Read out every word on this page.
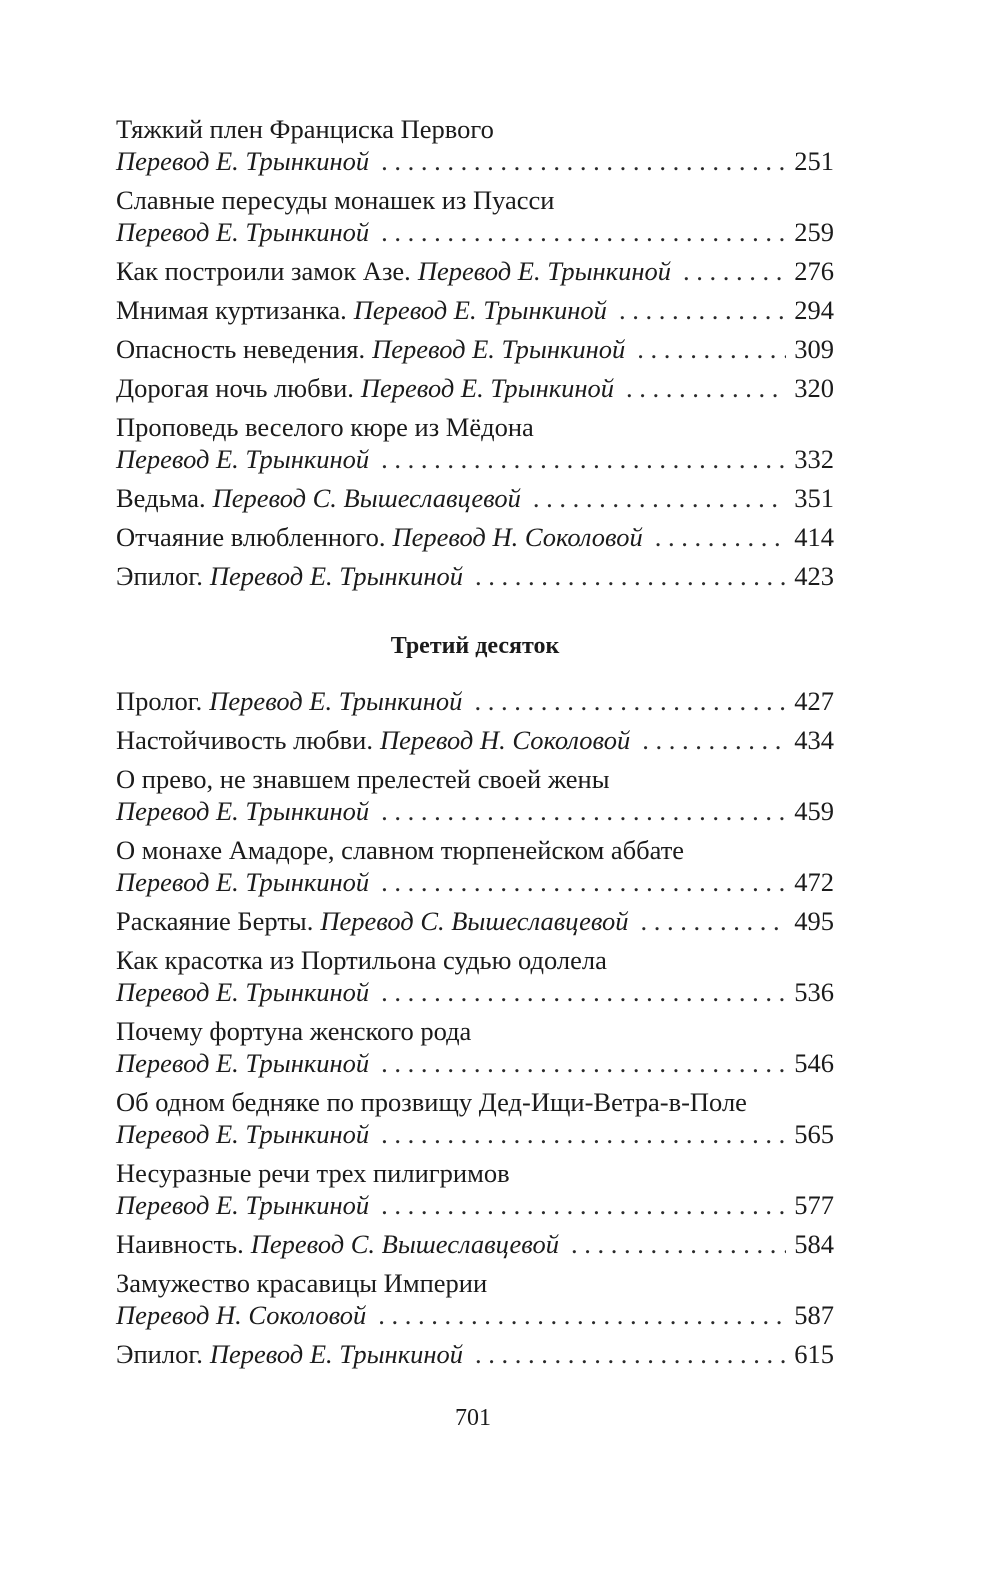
Тяжкий плен Франциска Первого
Перевод Е. Трынкиной . . .	251
Славные пересуды монашек из Пуасси
Перевод Е. Трынкиной . . .	259
Как построили замок Азе. Перевод Е. Трынкиной . . .	276
Мнимая куртизанка. Перевод Е. Трынкиной . . .	294
Опасность неведения. Перевод Е. Трынкиной . . .	309
Дорогая ночь любви. Перевод Е. Трынкиной . . .	320
Проповедь веселого кюре из Мёдона
Перевод Е. Трынкиной . . .	332
Ведьма. Перевод С. Вышеславцевой . . .	351
Отчаяние влюбленного. Перевод Н. Соколовой . . .	414
Эпилог. Перевод Е. Трынкиной . . .	423
Третий десяток
Пролог. Перевод Е. Трынкиной . . .	427
Настойчивость любви. Перевод Н. Соколовой . . .	434
О прево, не знавшем прелестей своей жены
Перевод Е. Трынкиной . . .	459
О монахе Амадоре, славном тюрпенейском аббате
Перевод Е. Трынкиной . . .	472
Раскаяние Берты. Перевод С. Вышеславцевой . . .	495
Как красотка из Портильона судью одолела
Перевод Е. Трынкиной . . .	536
Почему фортуна женского рода
Перевод Е. Трынкиной . . .	546
Об одном бедняке по прозвищу Дед-Ищи-Ветра-в-Поле
Перевод Е. Трынкиной . . .	565
Несуразные речи трех пилигримов
Перевод Е. Трынкиной . . .	577
Наивность. Перевод С. Вышеславцевой . . .	584
Замужество красавицы Империи
Перевод Н. Соколовой . . .	587
Эпилог. Перевод Е. Трынкиной . . .	615
701
